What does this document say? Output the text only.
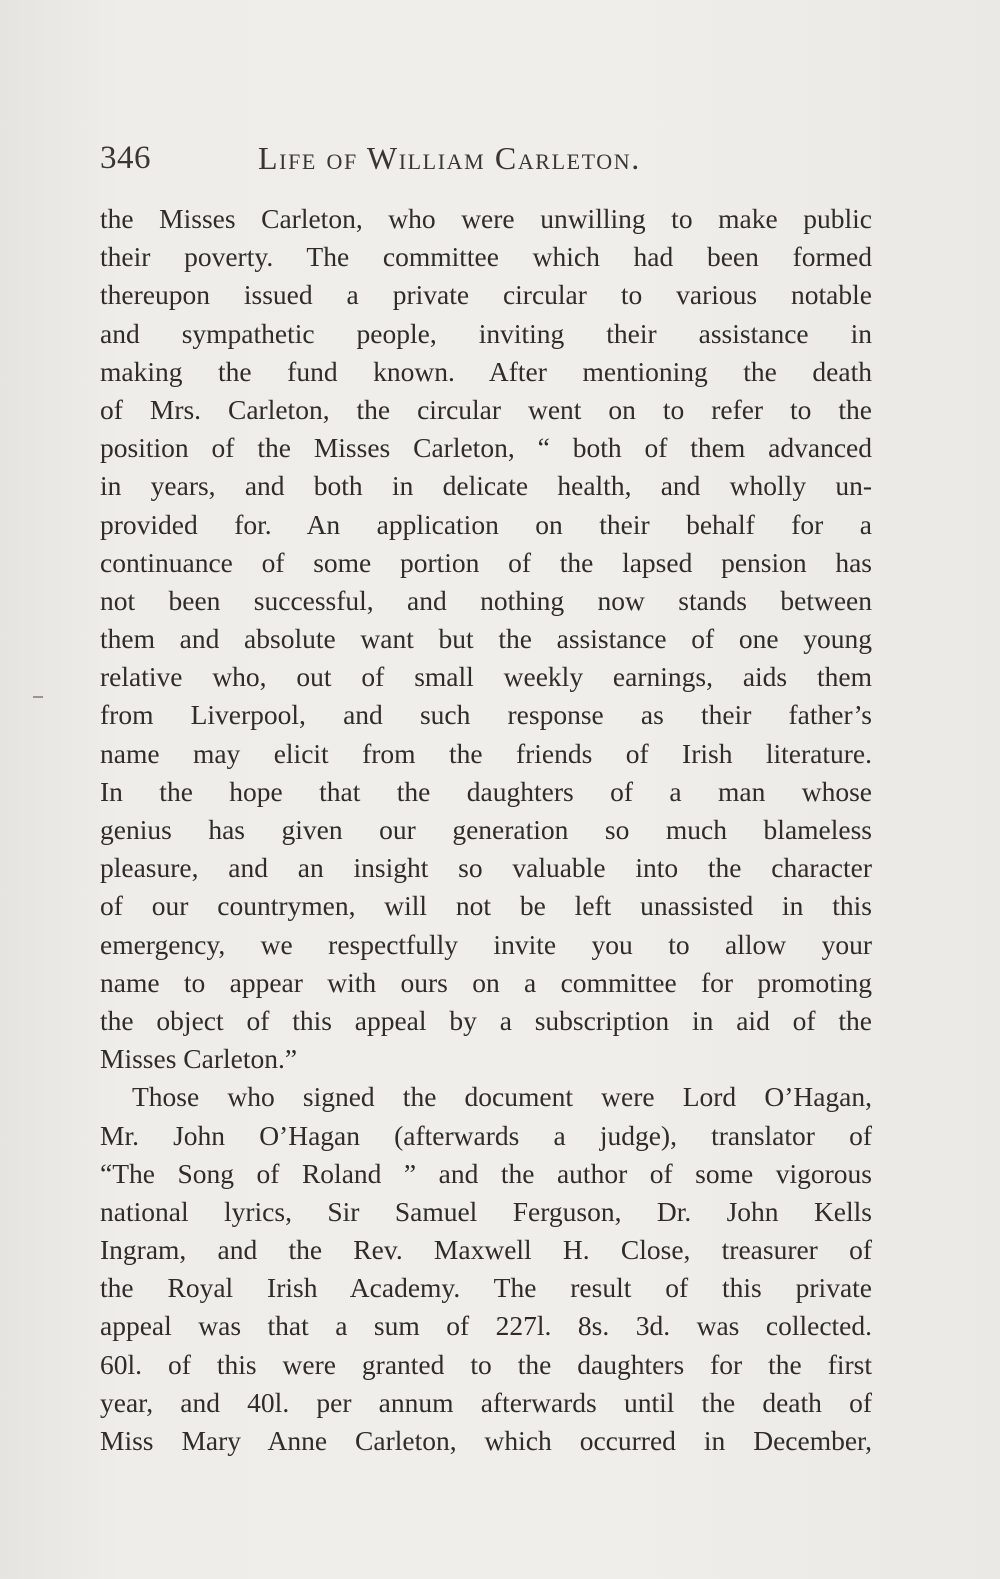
346	Life of William Carleton.
the Misses Carleton, who were unwilling to make public
their poverty. The committee which had been formed
thereupon issued a private circular to various notable
and sympathetic people, inviting their assistance in
making the fund known. After mentioning the death
of Mrs. Carleton, the circular went on to refer to the
position of the Misses Carleton, “ both of them advanced
in years, and both in delicate health, and wholly un-
provided for. An application on their behalf for a
continuance of some portion of the lapsed pension has
not been successful, and nothing now stands between
them and absolute want but the assistance of one young
relative who, out of small weekly earnings, aids them
from Liverpool, and such response as their father’s
name may elicit from the friends of Irish literature.
In the hope that the daughters of a man whose
genius has given our generation so much blameless
pleasure, and an insight so valuable into the character
of our countrymen, will not be left unassisted in this
emergency, we respectfully invite you to allow your
name to appear with ours on a committee for promoting
the object of this appeal by a subscription in aid of the
Misses Carleton.”
Those who signed the document were Lord O’Hagan,
Mr. John O’Hagan (afterwards a judge), translator of
“The Song of Roland ” and the author of some vigorous
national lyrics, Sir Samuel Ferguson, Dr. John Kells
Ingram, and the Rev. Maxwell H. Close, treasurer of
the Royal Irish Academy. The result of this private
appeal was that a sum of 227l. 8s. 3d. was collected.
60l. of this were granted to the daughters for the first
year, and 40l. per annum afterwards until the death of
Miss Mary Anne Carleton, which occurred in December,
